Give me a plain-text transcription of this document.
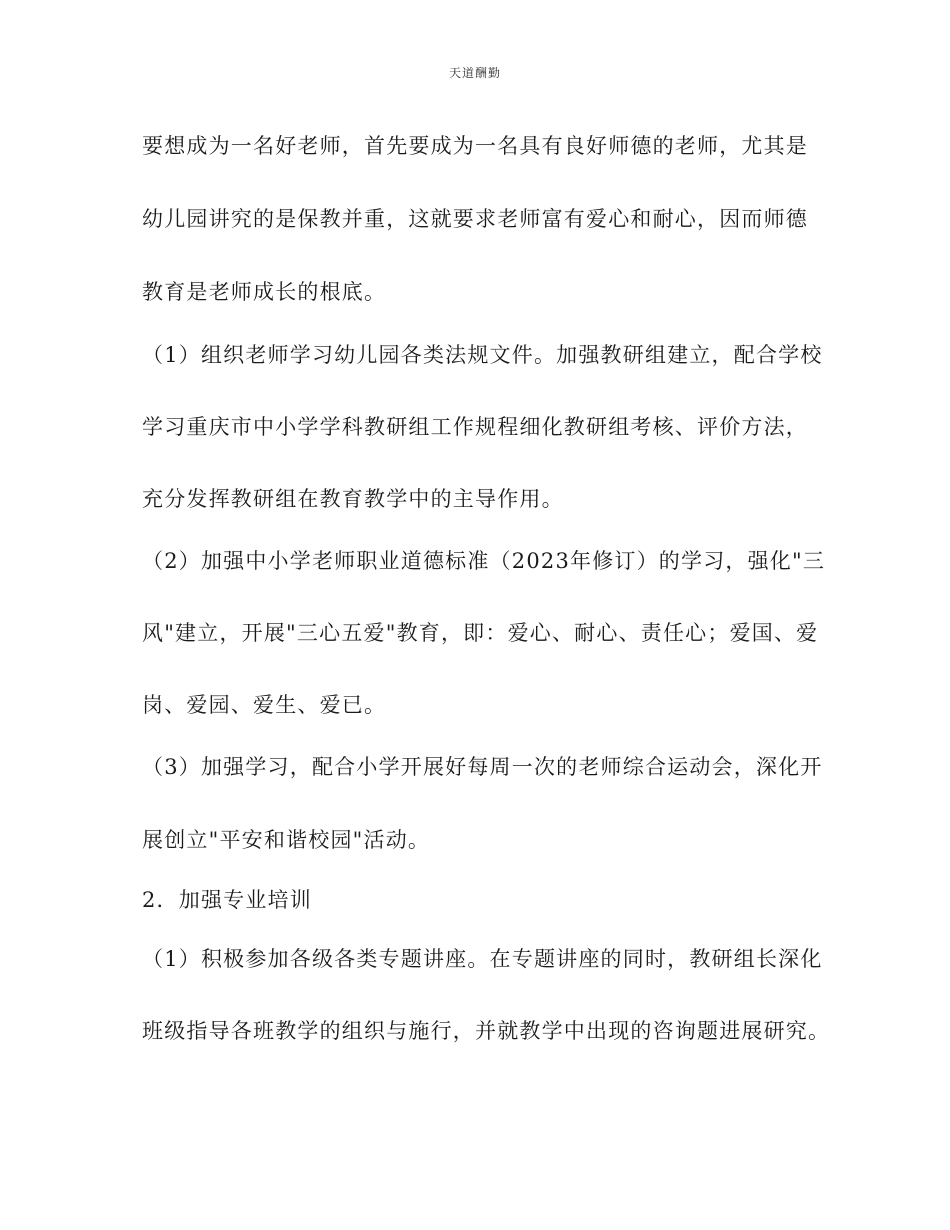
天道酬勤
要想成为一名好老师，首先要成为一名具有良好师德的老师，尤其是
幼儿园讲究的是保教并重，这就要求老师富有爱心和耐心，因而师德
教育是老师成长的根底。
（1）组织老师学习幼儿园各类法规文件。加强教研组建立，配合学校
学习重庆市中小学学科教研组工作规程细化教研组考核、评价方法，
充分发挥教研组在教育教学中的主导作用。
（2）加强中小学老师职业道德标准（2023年修订）的学习，强化"三
风"建立，开展"三心五爱"教育，即：爱心、耐心、责任心；爱国、爱
岗、爱园、爱生、爱已。
（3）加强学习，配合小学开展好每周一次的老师综合运动会，深化开
展创立"平安和谐校园"活动。
2．加强专业培训
（1）积极参加各级各类专题讲座。在专题讲座的同时，教研组长深化
班级指导各班教学的组织与施行，并就教学中出现的咨询题进展研究。
